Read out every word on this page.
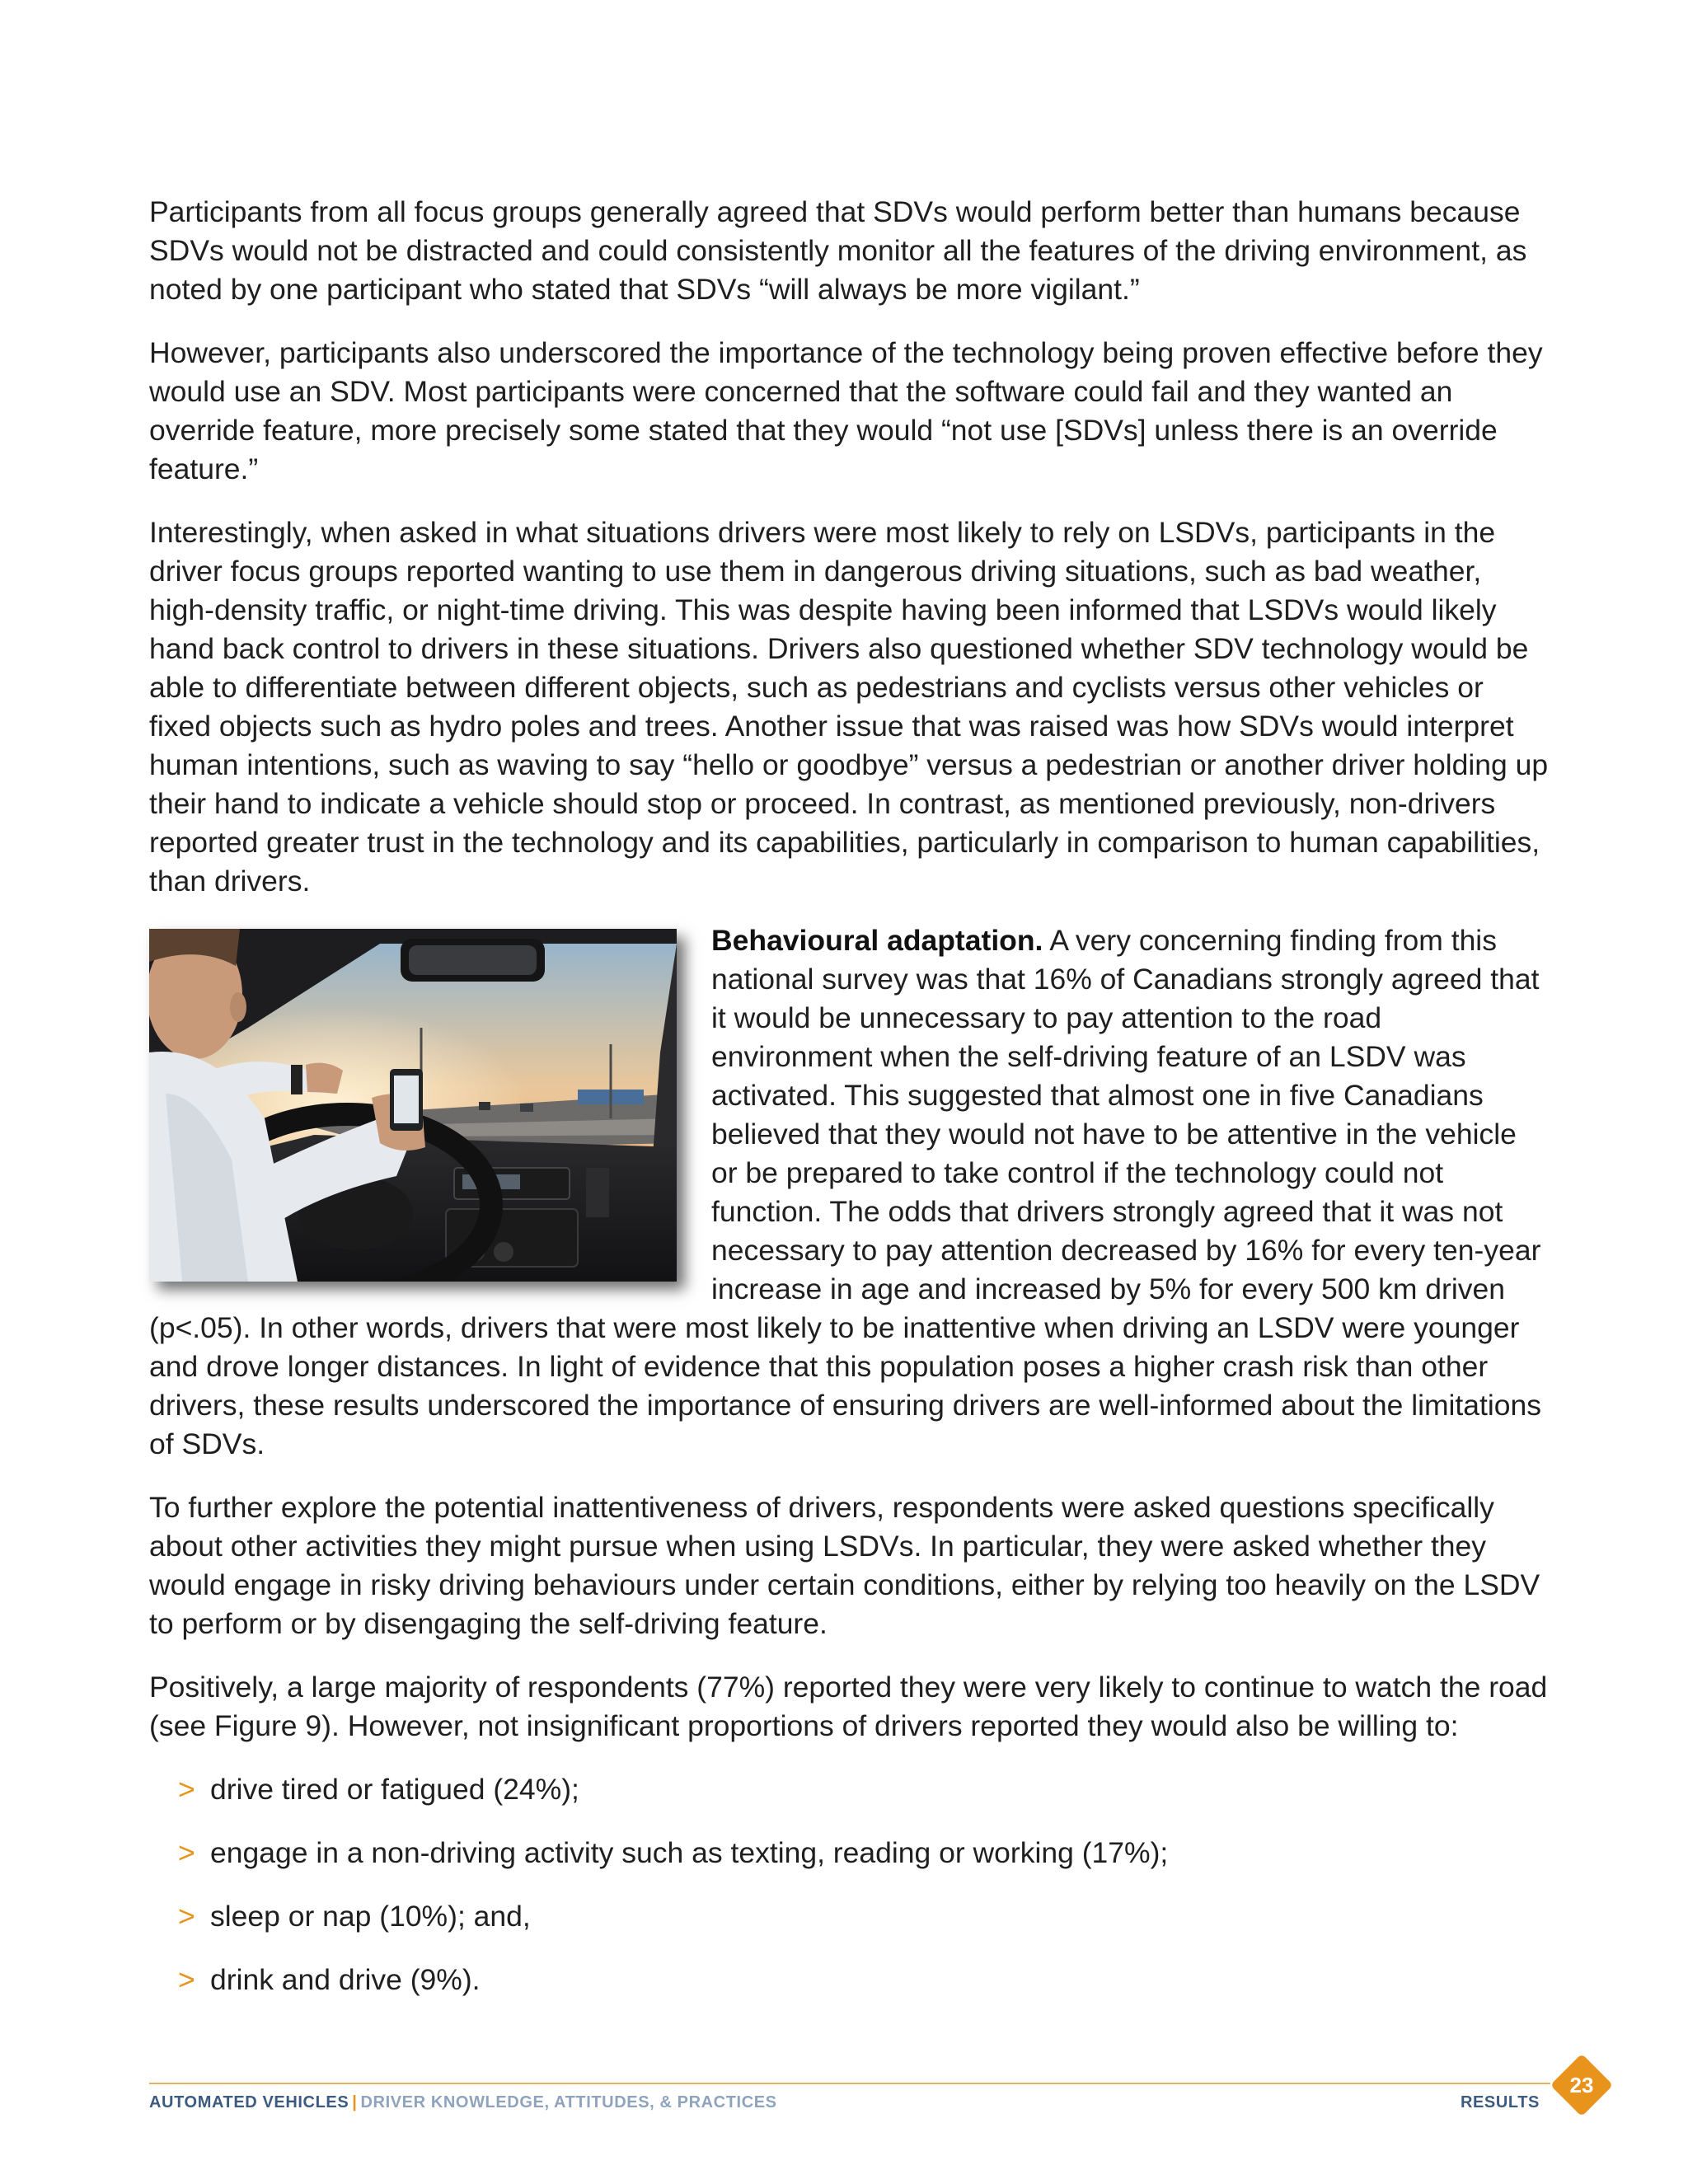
Participants from all focus groups generally agreed that SDVs would perform better than humans because SDVs would not be distracted and could consistently monitor all the features of the driving environment, as noted by one participant who stated that SDVs “will always be more vigilant.”

However, participants also underscored the importance of the technology being proven effective before they would use an SDV. Most participants were concerned that the software could fail and they wanted an override feature, more precisely some stated that they would “not use [SDVs] unless there is an override feature.”

Interestingly, when asked in what situations drivers were most likely to rely on LSDVs, participants in the driver focus groups reported wanting to use them in dangerous driving situations, such as bad weather, high-density traffic, or night-time driving. This was despite having been informed that LSDVs would likely hand back control to drivers in these situations. Drivers also questioned whether SDV technology would be able to differentiate between different objects, such as pedestrians and cyclists versus other vehicles or fixed objects such as hydro poles and trees. Another issue that was raised was how SDVs would interpret human intentions, such as waving to say “hello or goodbye” versus a pedestrian or another driver holding up their hand to indicate a vehicle should stop or proceed. In contrast, as mentioned previously, non-drivers reported greater trust in the technology and its capabilities, particularly in comparison to human capabilities, than drivers.

Behavioural adaptation. A very concerning finding from this national survey was that 16% of Canadians strongly agreed that it would be unnecessary to pay attention to the road environment when the self-driving feature of an LSDV was activated. This suggested that almost one in five Canadians believed that they would not have to be attentive in the vehicle or be prepared to take control if the technology could not function. The odds that drivers strongly agreed that it was not necessary to pay attention decreased by 16% for every ten-year increase in age and increased by 5% for every 500 km driven (p<.05). In other words, drivers that were most likely to be inattentive when driving an LSDV were younger and drove longer distances. In light of evidence that this population poses a higher crash risk than other drivers, these results underscored the importance of ensuring drivers are well-informed about the limitations of SDVs.

To further explore the potential inattentiveness of drivers, respondents were asked questions specifically about other activities they might pursue when using LSDVs. In particular, they were asked whether they would engage in risky driving behaviours under certain conditions, either by relying too heavily on the LSDV to perform or by disengaging the self-driving feature.

Positively, a large majority of respondents (77%) reported they were very likely to continue to watch the road (see Figure 9). However, not insignificant proportions of drivers reported they would also be willing to:

> drive tired or fatigued (24%);
> engage in a non-driving activity such as texting, reading or working (17%);
> sleep or nap (10%); and,
> drink and drive (9%).
AUTOMATED VEHICLES | DRIVER KNOWLEDGE, ATTITUDES, & PRACTICES	RESULTS
23
